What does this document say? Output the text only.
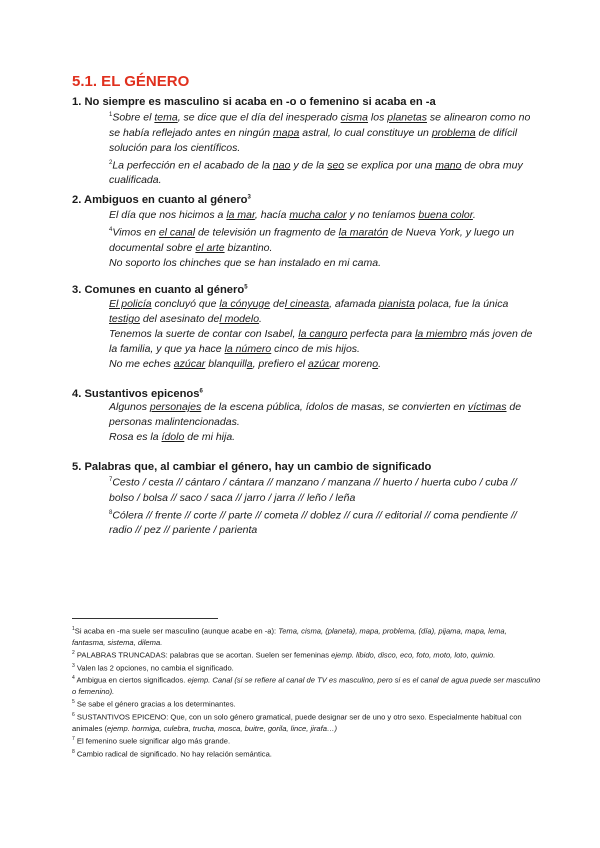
5.1. EL GÉNERO
1. No siempre es masculino si acaba en -o o femenino si acaba en -a

$^1$Sobre el tema, se dice que el día del inesperado cisma los planetas se alinearon como no se había reflejado antes en ningún mapa astral, lo cual constituye un problema de difícil solución para los científicos.

$^2$La perfección en el acabado de la nao y de la seo se explica por una mano de obra muy cualificada.

2. Ambiguos en cuanto al género$^3$

El día que nos hicimos a la mar, hacía mucha calor y no teníamos buena color.

$^4$Vimos en el canal de televisión un fragmento de la maratón de Nueva York, y luego un documental sobre el arte bizantino.

No soporto los chinches que se han instalado en mi cama.

3. Comunes en cuanto al género$^5$

El policía concluyó que la cónyuge del cineasta, afamada pianista polaca, fue la única testigo del asesinato del modelo.

Tenemos la suerte de contar con Isabel, la canguro perfecta para la miembro más joven de la familia, y que ya hace la número cinco de mis hijos.

No me eches azúcar blanquilla, prefiero el azúcar moreno.

4. Sustantivos epicenos$^6$

Algunos personajes de la escena pública, ídolos de masas, se convierten en víctimas de personas malintencionadas.

Rosa es la ídolo de mi hija.

5. Palabras que, al cambiar el género, hay un cambio de significado

$^7$Cesto / cesta // cántaro / cántara // manzano / manzana // huerto / huerta cubo / cuba // bolso / bolsa // saco / saca // jarro / jarra // leño / leña

$^8$Cólera // frente // corte // parte // cometa // doblez // cura // editorial // coma pendiente // radio // pez // pariente / parienta

$^1$Si acaba en -ma suele ser masculino (aunque acabe en -a): Tema, cisma, (planeta), mapa, problema, (día), pijama, mapa, lema, fantasma, sistema, dilema.

$^2$ PALABRAS TRUNCADAS: palabras que se acortan. Suelen ser femeninas ejemp. libido, disco, eco, foto, moto, loto, quimio.

$^3$ Valen las 2 opciones, no cambia el significado.

$^4$ Ambigua en ciertos significados. ejemp. Canal (si se refiere al canal de TV es masculino, pero si es el canal de agua puede ser masculino o femenino).

$^5$ Se sabe el género gracias a los determinantes.

$^6$ SUSTANTIVOS EPICENO: Que, con un solo género gramatical, puede designar ser de uno y otro sexo. Especialmente habitual con animales (ejemp. hormiga, culebra, trucha, mosca, buitre, gorila, lince, jirafa…)

$^7$ El femenino suele significar algo más grande.

$^8$ Cambio radical de significado. No hay relación semántica.
